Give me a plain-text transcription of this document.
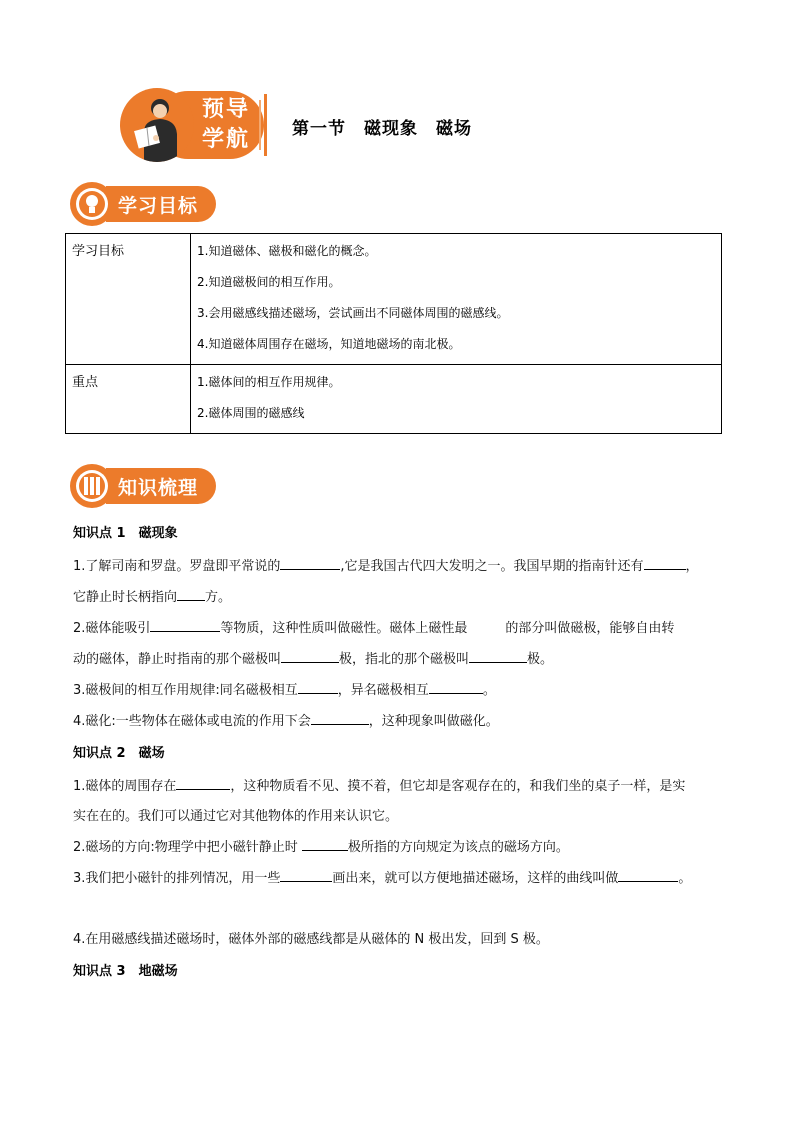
预导
学航 第一节　磁现象　磁场
学习目标
学习目标	1.知道磁体、磁极和磁化的概念。
2.知道磁极间的相互作用。
3.会用磁感线描述磁场，尝试画出不同磁体周围的磁感线。
4.知道磁体周围存在磁场，知道地磁场的南北极。

重点	1.磁体间的相互作用规律。
2.磁体周围的磁感线
知识梳理
知识点 1　磁现象
1.了解司南和罗盘。罗盘即平常说的	,它是我国古代四大发明之一。我国早期的指南针还有	，
它静止时长柄指向 方。
2.磁体能吸引	等物质，这种性质叫做磁性。磁体上磁性最	的部分叫做磁极，能够自由转
动的磁体，静止时指南的那个磁极叫	极，指北的那个磁极叫	极。
3.磁极间的相互作用规律:同名磁极相互	，异名磁极相互	。
4.磁化:一些物体在磁体或电流的作用下会	，这种现象叫做磁化。
知识点 2　磁场
1.磁体的周围存在	，这种物质看不见、摸不着，但它却是客观存在的，和我们坐的桌子一样，是实
实在在的。我们可以通过它对其他物体的作用来认识它。
2.磁场的方向:物理学中把小磁针静止时	极所指的方向规定为该点的磁场方向。
3.我们把小磁针的排列情况，用一些	画出来，就可以方便地描述磁场，这样的曲线叫做	。
4.在用磁感线描述磁场时，磁体外部的磁感线都是从磁体的 N 极出发，回到 S 极。
知识点 3　地磁场
